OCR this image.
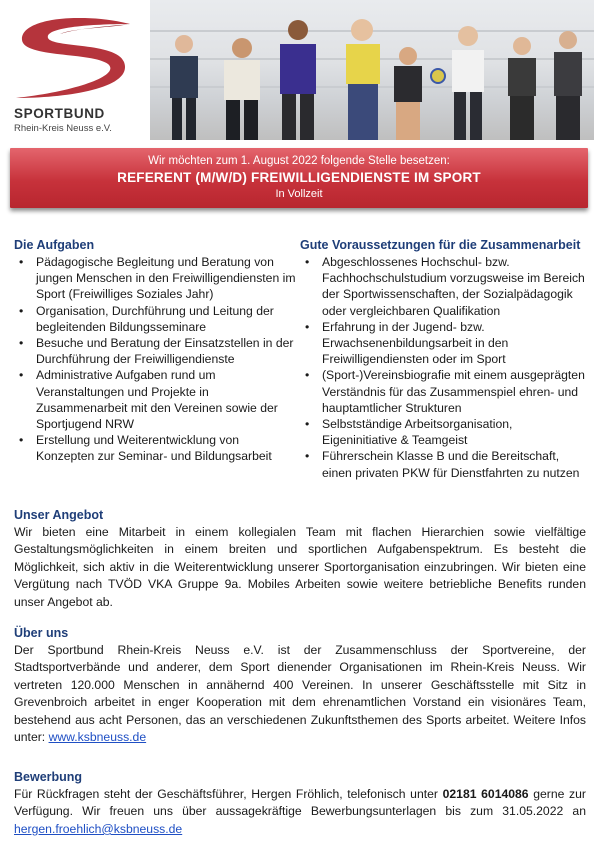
SPORTBUND
Rhein-Kreis Neuss e.V.
Wir möchten zum 1. August 2022 folgende Stelle besetzen:
REFERENT (M/W/D) FREIWILLIGENDIENSTE IM SPORT
In Vollzeit
Die Aufgaben
• Pädagogische Begleitung und Beratung von jungen Menschen in den Freiwilligendiensten im Sport (Freiwilliges Soziales Jahr)
• Organisation, Durchführung und Leitung der begleitenden Bildungsseminare
• Besuche und Beratung der Einsatzstellen in der Durchführung der Freiwilligendienste
• Administrative Aufgaben rund um Veranstaltungen und Projekte in Zusammenarbeit mit den Vereinen sowie der Sportjugend NRW
• Erstellung und Weiterentwicklung von Konzepten zur Seminar- und Bildungsarbeit
Gute Voraussetzungen für die Zusammenarbeit
• Abgeschlossenes Hochschul- bzw. Fachhochschulstudium vorzugsweise im Bereich der Sportwissenschaften, der Sozialpädagogik oder vergleichbaren Qualifikation
• Erfahrung in der Jugend- bzw. Erwachsenenbildungsarbeit in den Freiwilligendiensten oder im Sport
• (Sport-)Vereinsbiografie mit einem ausgeprägten Verständnis für das Zusammenspiel ehren- und hauptamtlicher Strukturen
• Selbstständige Arbeitsorganisation, Eigeninitiative & Teamgeist
• Führerschein Klasse B und die Bereitschaft, einen privaten PKW für Dienstfahrten zu nutzen
Unser Angebot

Wir bieten eine Mitarbeit in einem kollegialen Team mit flachen Hierarchien sowie vielfältige Gestaltungsmöglichkeiten in einem breiten und sportlichen Aufgabenspektrum. Es besteht die Möglichkeit, sich aktiv in die Weiterentwicklung unserer Sportorganisation einzubringen. Wir bieten eine Vergütung nach TVÖD VKA Gruppe 9a. Mobiles Arbeiten sowie weitere betriebliche Benefits runden unser Angebot ab.

Über uns

Der Sportbund Rhein-Kreis Neuss e.V. ist der Zusammenschluss der Sportvereine, der Stadtsportverbände und anderer, dem Sport dienender Organisationen im Rhein-Kreis Neuss. Wir vertreten 120.000 Menschen in annähernd 400 Vereinen. In unserer Geschäftsstelle mit Sitz in Grevenbroich arbeitet in enger Kooperation mit dem ehrenamtlichen Vorstand ein visionäres Team, bestehend aus acht Personen, das an verschiedenen Zukunftsthemen des Sports arbeitet. Weitere Infos unter: www.ksbneuss.de

Bewerbung

Für Rückfragen steht der Geschäftsführer, Hergen Fröhlich, telefonisch unter 02181 6014086 gerne zur Verfügung. Wir freuen uns über aussagekräftige Bewerbungsunterlagen bis zum 31.05.2022 an hergen.froehlich@ksbneuss.de
